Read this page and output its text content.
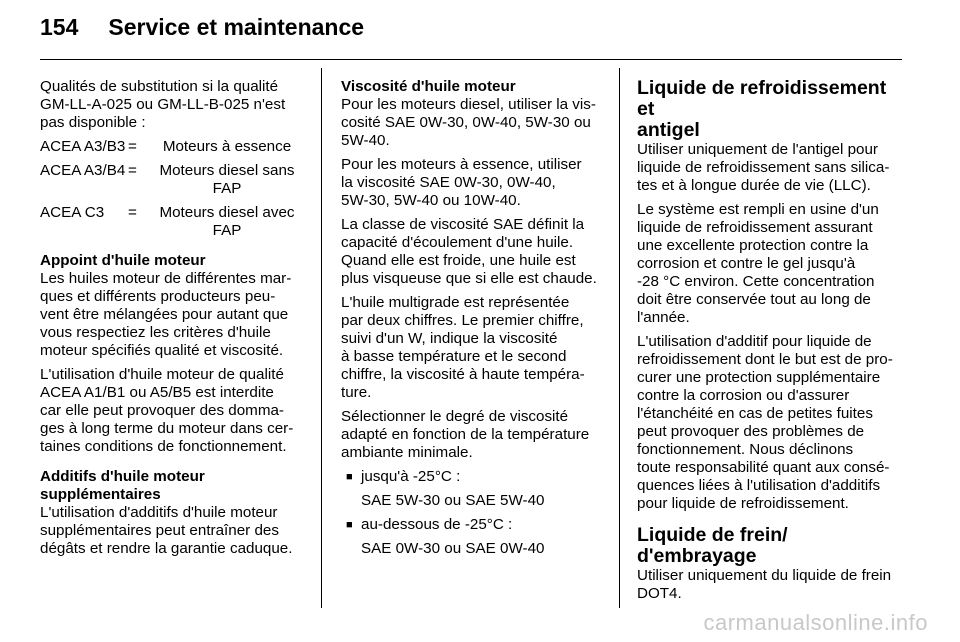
154 Service et maintenance

Qualités de substitution si la qualité
GM-LL-A-025 ou GM-LL-B-025 n'est
pas disponible :

ACEA A3/B3 =	Moteurs à essence
ACEA A3/B4 =	Moteurs diesel sans
FAP
ACEA C3	=	Moteurs diesel avec
FAP
Appoint d'huile moteur

Les huiles moteur de différentes mar-
ques et différents producteurs peu-
vent être mélangées pour autant que
vous respectiez les critères d'huile
moteur spécifiés qualité et viscosité.

L'utilisation d'huile moteur de qualité
ACEA A1/B1 ou A5/B5 est interdite
car elle peut provoquer des domma-
ges à long terme du moteur dans cer-
taines conditions de fonctionnement.

Additifs d'huile moteur
supplémentaires

L'utilisation d'additifs d'huile moteur
supplémentaires peut entraîner des
dégâts et rendre la garantie caduque.

Viscosité d'huile moteur

Pour les moteurs diesel, utiliser la vis-
cosité SAE 0W-30, 0W-40, 5W-30 ou
5W-40.

Pour les moteurs à essence, utiliser
la viscosité SAE 0W-30, 0W-40,
5W-30, 5W-40 ou 10W-40.

La classe de viscosité SAE définit la
capacité d'écoulement d'une huile.
Quand elle est froide, une huile est
plus visqueuse que si elle est chaude.

L'huile multigrade est représentée
par deux chiffres. Le premier chiffre,
suivi d'un W, indique la viscosité
à basse température et le second
chiffre, la viscosité à haute tempéra-
ture.

Sélectionner le degré de viscosité
adapté en fonction de la température
ambiante minimale.

■ jusqu'à -25°C :
SAE 5W-30 ou SAE 5W-40
■ au-dessous de -25°C :
SAE 0W-30 ou SAE 0W-40
Liquide de refroidissement et
antigel

Utiliser uniquement de l'antigel pour
liquide de refroidissement sans silica-
tes et à longue durée de vie (LLC).

Le système est rempli en usine d'un
liquide de refroidissement assurant
une excellente protection contre la
corrosion et contre le gel jusqu'à
-28 °C environ. Cette concentration
doit être conservée tout au long de
l'année.

L'utilisation d'additif pour liquide de
refroidissement dont le but est de pro-
curer une protection supplémentaire
contre la corrosion ou d'assurer
l'étanchéité en cas de petites fuites
peut provoquer des problèmes de
fonctionnement. Nous déclinons
toute responsabilité quant aux consé-
quences liées à l'utilisation d'additifs
pour liquide de refroidissement.

Liquide de frein/ d'embrayage

Utiliser uniquement du liquide de frein
DOT4.

carmanualsonline.info
